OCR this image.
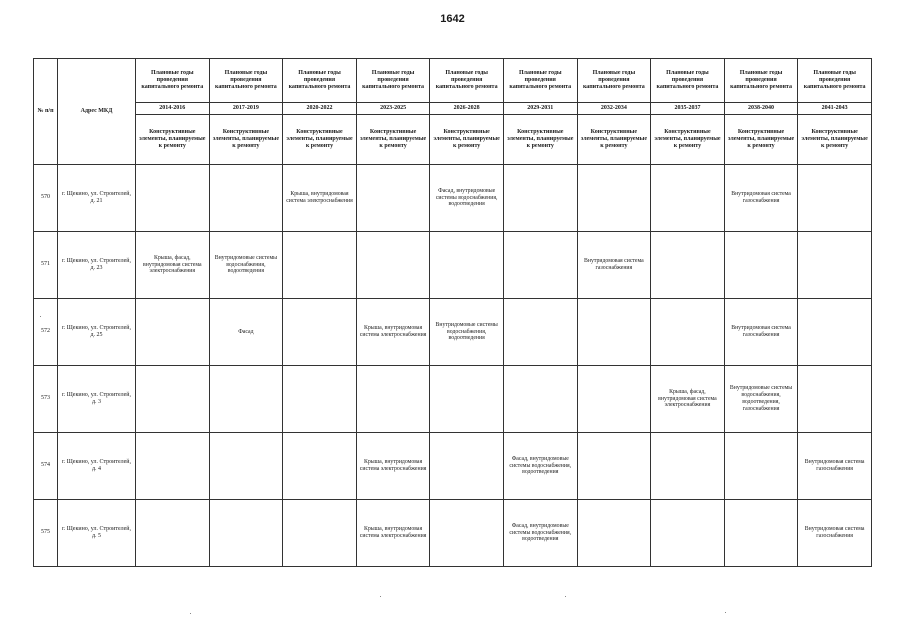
1642
№ п/п	Адрес МКД	Плановые годы проведения капитального ремонта	Плановые годы проведения капитального ремонта	Плановые годы проведения капитального ремонта	Плановые годы проведения капитального ремонта	Плановые годы проведения капитального ремонта	Плановые годы проведения капитального ремонта	Плановые годы проведения капитального ремонта	Плановые годы проведения капитального ремонта	Плановые годы проведения капитального ремонта	Плановые годы проведения капитального ремонта
		2014-2016	2017-2019	2020-2022	2023-2025	2026-2028	2029-2031	2032-2034	2035-2037	2038-2040	2041-2043
		Конструктивные элементы, планируемые к ремонту	Конструктивные элементы, планируемые к ремонту	Конструктивные элементы, планируемые к ремонту	Конструктивные элементы, планируемые к ремонту	Конструктивные элементы, планируемые к ремонту	Конструктивные элементы, планируемые к ремонту	Конструктивные элементы, планируемые к ремонту	Конструктивные элементы, планируемые к ремонту	Конструктивные элементы, планируемые к ремонту	Конструктивные элементы, планируемые к ремонту
570	г. Щекино, ул. Строителей, д. 21			Крыша, внутридомовая система электроснабжения		Фасад, внутридомовые системы водоснабжения, водоотведения				Внутридомовая система газоснабжения	
571	г. Щекино, ул. Строителей, д. 23	Крыша, фасад, внутридомовая система электроснабжения	Внутридомовые системы водоснабжения, водоотведения					Внутридомовая система газоснабжения			
572	г. Щекино, ул. Строителей, д. 25		Фасад		Крыша, внутридомовая система электроснабжения	Внутридомовые системы водоснабжения, водоотведения				Внутридомовая система газоснабжения	
573	г. Щекино, ул. Строителей, д. 3								Крыша, фасад, внутридомовая система электроснабжения	Внутридомовые системы водоснабжения, водоотведения, газоснабжения	
574	г. Щекино, ул. Строителей, д. 4				Крыша, внутридомовая система электроснабжения		Фасад, внутридомовые системы водоснабжения, водоотведения				Внутридомовая система газоснабжения
575	г. Щекино, ул. Строителей, д. 5				Крыша, внутридомовая система электроснабжения		Фасад, внутридомовые системы водоснабжения, водоотведения				Внутридомовая система газоснабжения
